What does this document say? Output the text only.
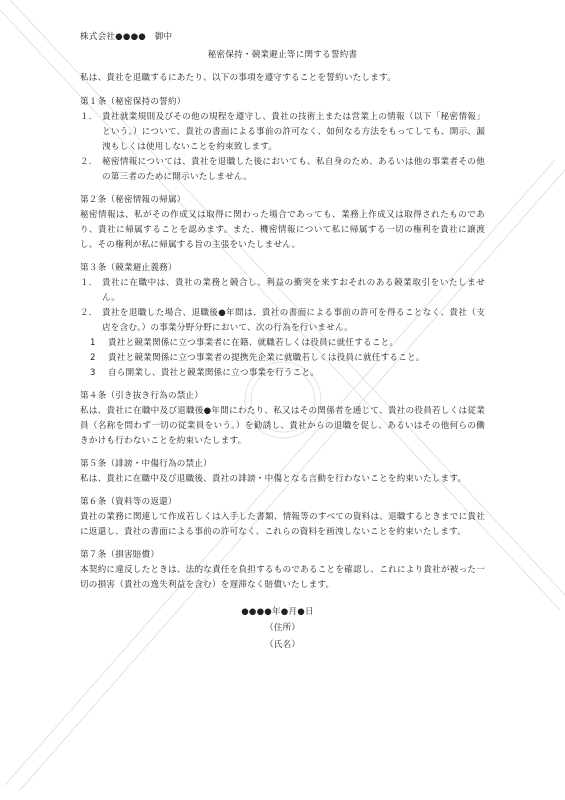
株式会社●●●●　御中

秘密保持・競業避止等に関する誓約書

私は、貴社を退職するにあたり、以下の事項を遵守することを誓約いたします。

第１条（秘密保持の誓約）
１． 貴社就業規則及びその他の規程を遵守し、貴社の技術上または営業上の情報（以下「秘密情報」という。）について、貴社の書面による事前の許可なく、如何なる方法をもってしても、開示、漏洩もしくは使用しないことを約束致します。
２． 秘密情報については、貴社を退職した後においても、私自身のため、あるいは他の事業者その他の第三者のために開示いたしません。
第２条（秘密情報の帰属）

秘密情報は、私がその作成又は取得に関わった場合であっても、業務上作成又は取得されたものであり、貴社に帰属することを認めます。また、機密情報について私に帰属する一切の権利を貴社に譲渡し、その権利が私に帰属する旨の主張をいたしません。

第３条（競業避止義務）
１． 貴社に在職中は、貴社の業務と競合し、利益の衝突を来すおそれのある競業取引をいたしません。
２． 貴社を退職した場合、退職後●年間は、貴社の書面による事前の許可を得ることなく、貴社（支店を含む。）の事業分野分野において、次の行為を行いません。
1	貴社と競業関係に立つ事業者に在籍、就職若しくは役員に就任すること。
2	貴社と競業関係に立つ事業者の提携先企業に就職若しくは役員に就任すること。
3	自ら開業し、貴社と競業関係に立つ事業を行うこと。
第４条（引き抜き行為の禁止）

私は、貴社に在職中及び退職後●年間にわたり、私又はその関係者を通じて、貴社の役員若しくは従業員（名称を問わず一切の従業員をいう。）を勧誘し、貴社からの退職を促し、あるいはその他何らの働きかけも行わないことを約束いたします。

第５条（誹謗・中傷行為の禁止）

私は、貴社に在職中及び退職後、貴社の誹謗・中傷となる言動を行わないことを約束いたします。

第６条（資料等の返還）

貴社の業務に関連して作成若しくは入手した書類、情報等のすべての資料は、退職するときまでに貴社に返還し、貴社の書面による事前の許可なく、これらの資料を画洩しないことを約束いたします。

第７条（損害賠償）

本契約に違反したときは、法的な責任を負担するものであることを確認し、これにより貴社が被った一切の損害（貴社の逸失利益を含む）を遅滞なく賠償いたします。

●●●●年●月●日

（住所）

（氏名）
